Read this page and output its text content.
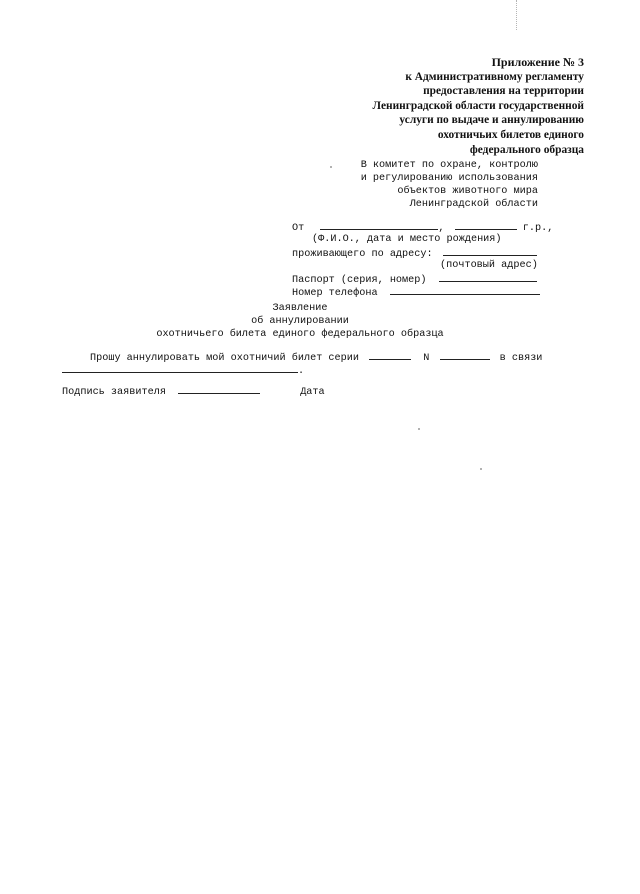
Приложение № 3
к Административному регламенту
предоставления на территории
Ленинградской области государственной
услуги по выдаче и аннулированию
охотничьих билетов единого
федерального образца
В комитет по охране, контролю
и регулированию использования
объектов животного мира
Ленинградской области
От	,	г.р.,
(Ф.И.О., дата и место рождения)
проживающего по адресу:
(почтовый адрес)
Паспорт (серия, номер)
Номер телефона
Заявление
об аннулировании
охотничьего билета единого федерального образца
Прошу аннулировать мой охотничий билет серии	N	в связи
.
Подпись заявителя	Дата
